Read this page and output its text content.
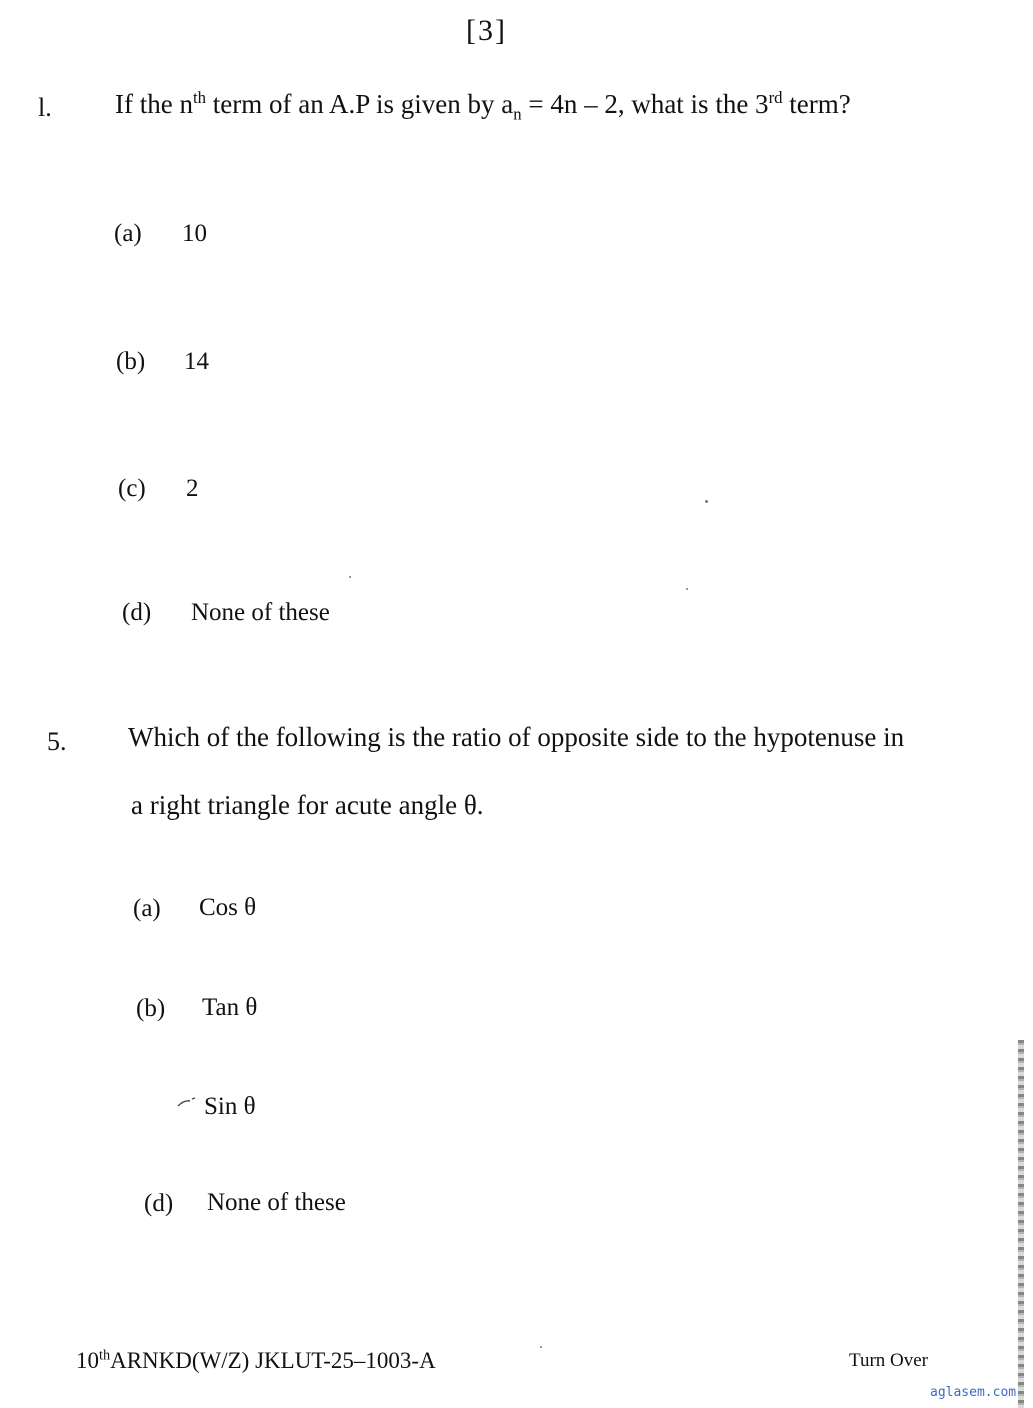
[3]
l. If the $n^{th}$ term of an A.P is given by $a_n = 4n - 2$, what is the 3rd term?
(a) 10
(b) 14
(c) 2
(d) None of these
5. Which of the following is the ratio of opposite side to the hypotenuse in
a right triangle for acute angle θ.
(a) Cos θ
(b) Tan θ
Sin θ
(d) None of these
10thARNKD(W/Z) JKLUT-25–1003-A	Turn Over
aglasem.com
